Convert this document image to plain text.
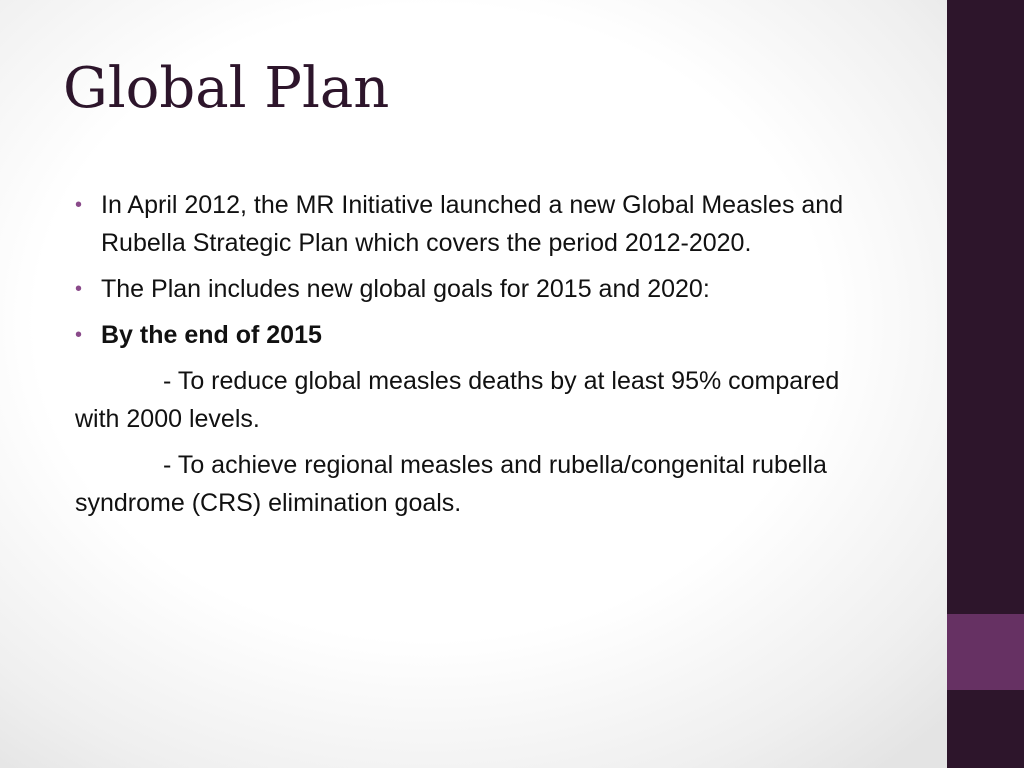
Global Plan
• In April 2012, the MR Initiative launched a new Global Measles and Rubella Strategic Plan which covers the period 2012-2020.
• The Plan includes new global goals for 2015 and 2020:
• By the end of 2015

- To reduce global measles deaths by at least 95% compared with 2000 levels.

- To achieve regional measles and rubella/congenital rubella syndrome (CRS) elimination goals.
